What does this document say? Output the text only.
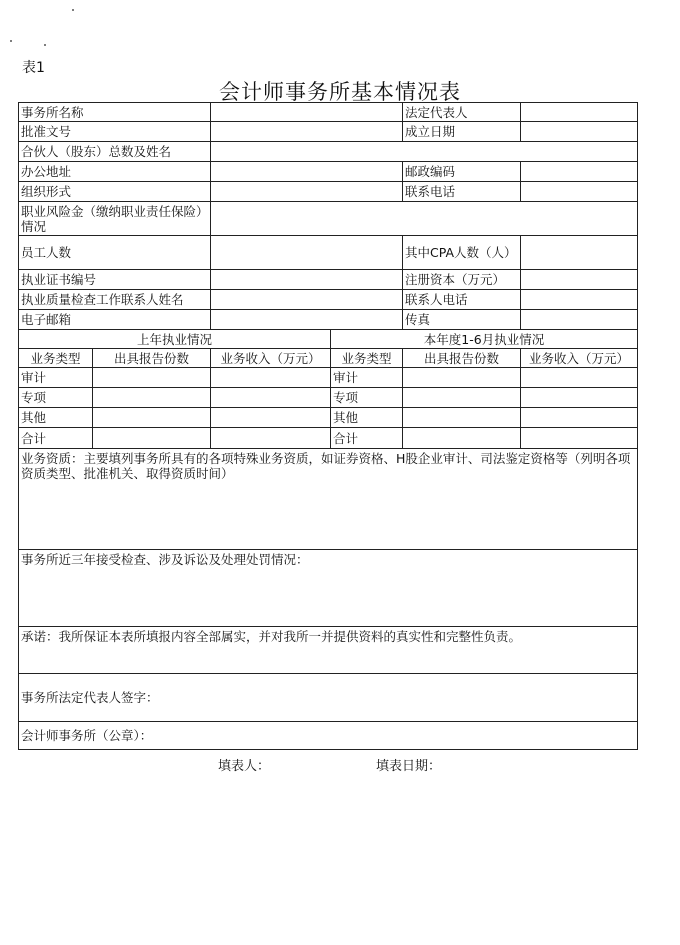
表1
会计师事务所基本情况表
事务所名称				法定代表人	
批准文号				成立日期	
合伙人（股东）总数及姓名					
办公地址				邮政编码	
组织形式				联系电话	
职业风险金（缴纳职业责任保险）情况					
员工人数				其中CPA人数（人）	
执业证书编号				注册资本（万元）	
执业质量检查工作联系人姓名				联系人电话	
电子邮箱				传真	
上年执业情况			本年度1-6月执业情况		
业务类型	出具报告份数	业务收入（万元）	业务类型	出具报告份数	业务收入（万元）
审计			审计		
专项			专项		
其他			其他		
合计			合计		
业务资质：主要填列事务所具有的各项特殊业务资质，如证券资格、H股企业审计、司法鉴定资格等（列明各项资质类型、批准机关、取得资质时间）					
事务所近三年接受检查、涉及诉讼及处理处罚情况：					
承诺：我所保证本表所填报内容全部属实，并对我所一并提供资料的真实性和完整性负责。					
事务所法定代表人签字：					
会计师事务所（公章）：					
填表人：	填表日期：
